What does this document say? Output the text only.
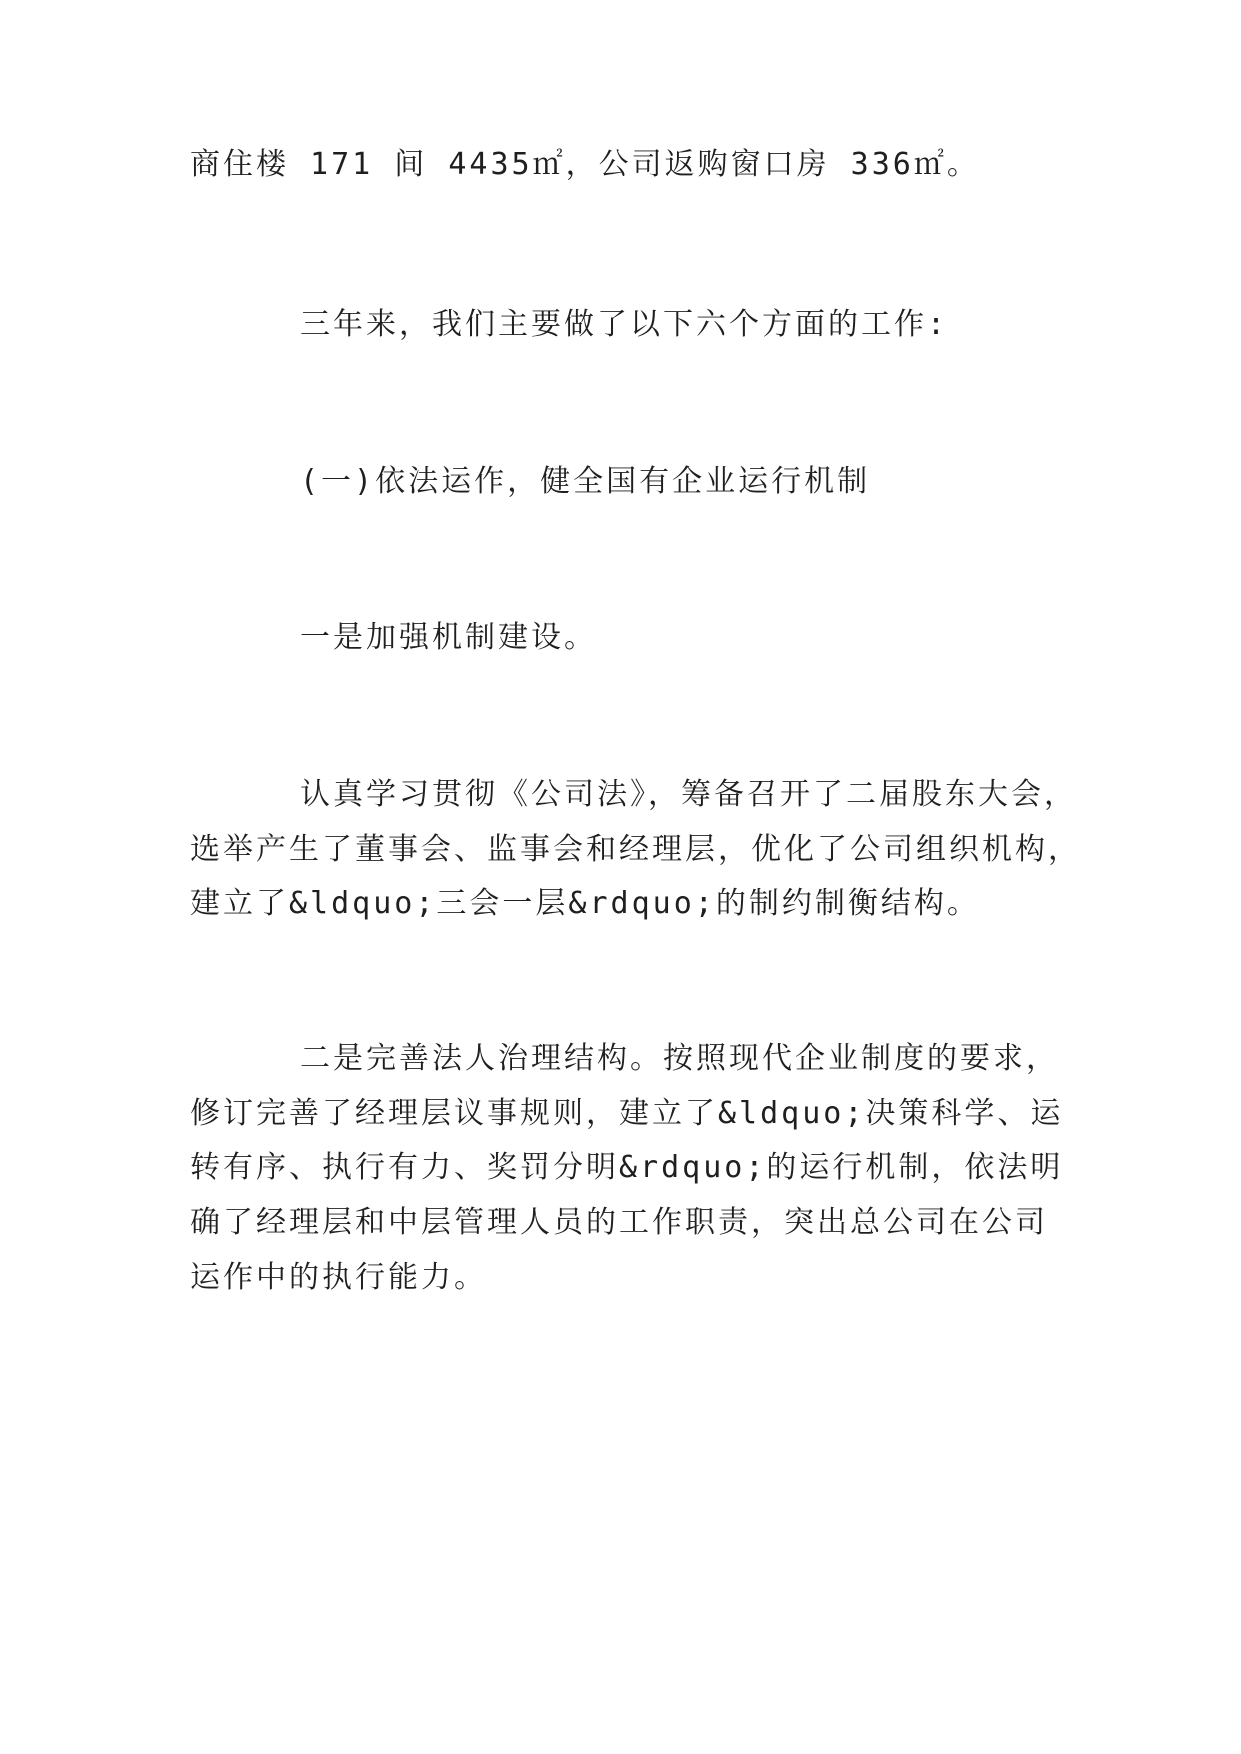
商住楼 171 间 4435㎡，公司返购窗口房 336㎡。
三年来，我们主要做了以下六个方面的工作:
(一)依法运作，健全国有企业运行机制
一是加强机制建设。
认真学习贯彻《公司法》，筹备召开了二届股东大会，
选举产生了董事会、监事会和经理层，优化了公司组织机构，
建立了&ldquo;三会一层&rdquo;的制约制衡结构。
二是完善法人治理结构。按照现代企业制度的要求，
修订完善了经理层议事规则，建立了&ldquo;决策科学、运
转有序、执行有力、奖罚分明&rdquo;的运行机制，依法明
确了经理层和中层管理人员的工作职责，突出总公司在公司
运作中的执行能力。
